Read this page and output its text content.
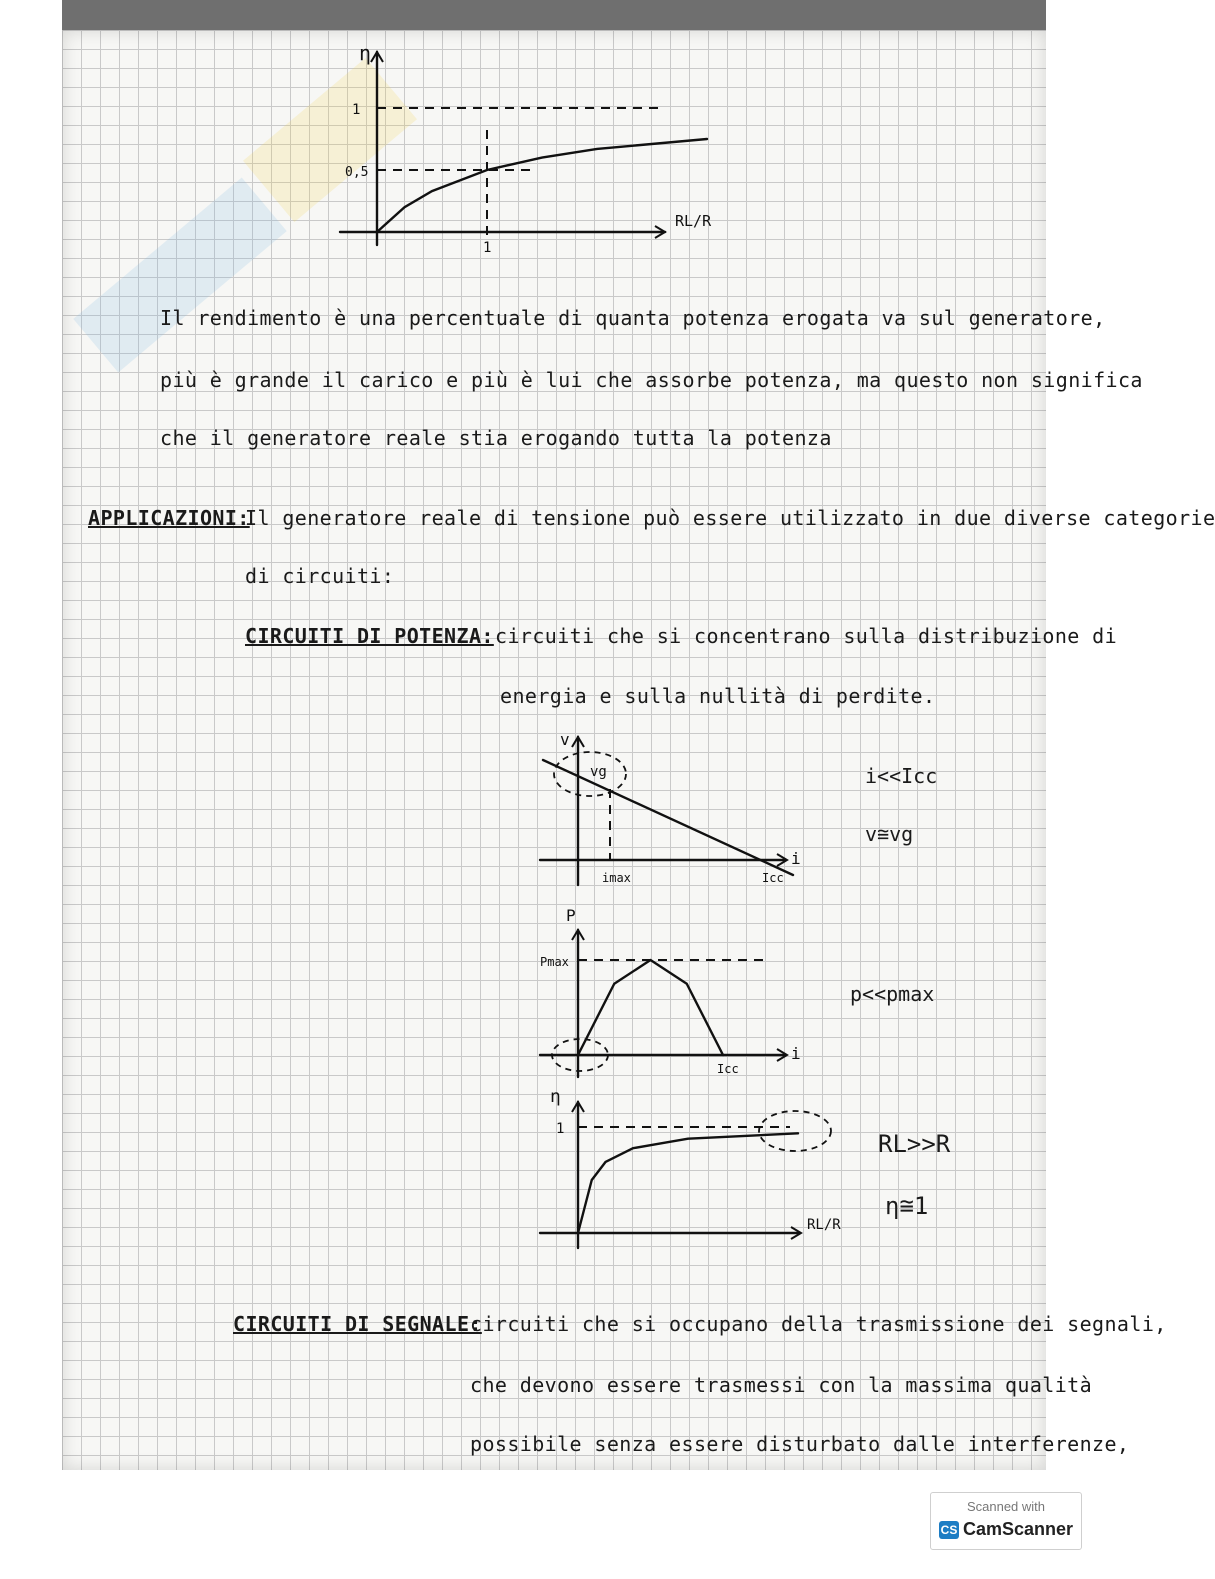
1
0,5
1
η
RL/R
Il rendimento è una percentuale di quanta potenza erogata va sul generatore,
più è grande il carico e più è lui che assorbe potenza, ma questo non significa
che il generatore reale stia erogando tutta la potenza
APPLICAZIONI:
Il generatore reale di tensione può essere utilizzato in due diverse categorie
di circuiti:
CIRCUITI DI POTENZA: circuiti che si concentrano sulla distribuzione di
energia e sulla nullità di perdite.
vg
imax	Icc
v
i
i<<Icc
v≅vg
Pmax
Icc
P
i
p<<pmax
1
η
RL/R
RL>>R
η≅1
CIRCUITI DI SEGNALE:
circuiti che si occupano della trasmissione dei segnali,
che devono essere trasmessi con la massima qualità
possibile senza essere disturbato dalle interferenze,
Scanned with
CS CamScanner
